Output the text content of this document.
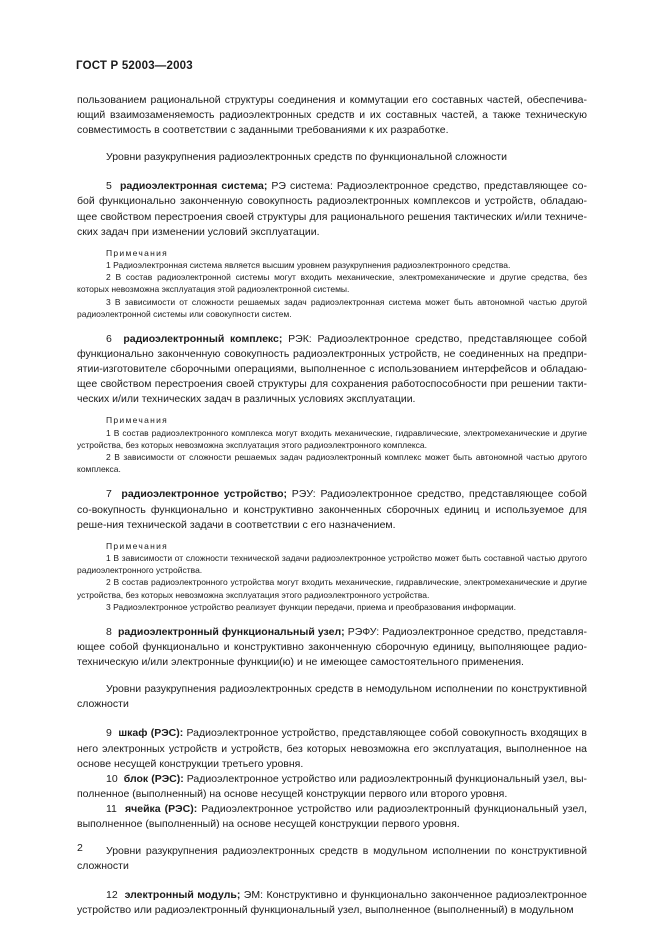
ГОСТ Р 52003—2003

пользованием рациональной структуры соединения и коммутации его составных частей, обеспечива-ющий взаимозаменяемость радиоэлектронных средств и их составных частей, а также техническую совместимость в соответствии с заданными требованиями к их разработке.

Уровни разукрупнения радиоэлектронных средств по функциональной сложности

5 радиоэлектронная система; РЭ система: Радиоэлектронное средство, представляющее со-бой функционально законченную совокупность радиоэлектронных комплексов и устройств, обладаю-щее свойством перестроения своей структуры для рационального решения тактических и/или техниче-ских задач при изменении условий эксплуатации.

Примечания

1 Радиоэлектронная система является высшим уровнем разукрупнения радиоэлектронного средства.

2 В состав радиоэлектронной системы могут входить механические, электромеханические и другие средства, без которых невозможна эксплуатация этой радиоэлектронной системы.

3 В зависимости от сложности решаемых задач радиоэлектронная система может быть автономной частью другой радиоэлектронной системы или совокупности систем.

6 радиоэлектронный комплекс; РЭК: Радиоэлектронное средство, представляющее собой функционально законченную совокупность радиоэлектронных устройств, не соединенных на предпри-ятии-изготовителе сборочными операциями, выполненное с использованием интерфейсов и обладаю-щее свойством перестроения своей структуры для сохранения работоспособности при решении такти-ческих и/или технических задач в различных условиях эксплуатации.

Примечания

1 В состав радиоэлектронного комплекса могут входить механические, гидравлические, электромеханические и другие устройства, без которых невозможна эксплуатация этого радиоэлектронного комплекса.

2 В зависимости от сложности решаемых задач радиоэлектронный комплекс может быть автономной частью другого комплекса.

7 радиоэлектронное устройство; РЭУ: Радиоэлектронное средство, представляющее собой со-вокупность функционально и конструктивно законченных сборочных единиц и используемое для реше-ния технической задачи в соответствии с его назначением.

Примечания

1 В зависимости от сложности технической задачи радиоэлектронное устройство может быть составной частью другого радиоэлектронного устройства.

2 В состав радиоэлектронного устройства могут входить механические, гидравлические, электромеханические и другие устройства, без которых невозможна эксплуатация этого радиоэлектронного устройства.

3 Радиоэлектронное устройство реализует функции передачи, приема и преобразования информации.

8 радиоэлектронный функциональный узел; РЭФУ: Радиоэлектронное средство, представля-ющее собой функционально и конструктивно законченную сборочную единицу, выполняющее радио-техническую и/или электронные функции(ю) и не имеющее самостоятельного применения.

Уровни разукрупнения радиоэлектронных средств в немодульном исполнении по конструктивной сложности

9 шкаф (РЭС): Радиоэлектронное устройство, представляющее собой совокупность входящих в него электронных устройств и устройств, без которых невозможна его эксплуатация, выполненное на основе несущей конструкции третьего уровня.

10 блок (РЭС): Радиоэлектронное устройство или радиоэлектронный функциональный узел, вы-полненное (выполненный) на основе несущей конструкции первого или второго уровня.

11 ячейка (РЭС): Радиоэлектронное устройство или радиоэлектронный функциональный узел, выполненное (выполненный) на основе несущей конструкции первого уровня.

Уровни разукрупнения радиоэлектронных средств в модульном исполнении по конструктивной сложности

12 электронный модуль; ЭМ: Конструктивно и функционально законченное радиоэлектронное устройство или радиоэлектронный функциональный узел, выполненное (выполненный) в модульном

2
